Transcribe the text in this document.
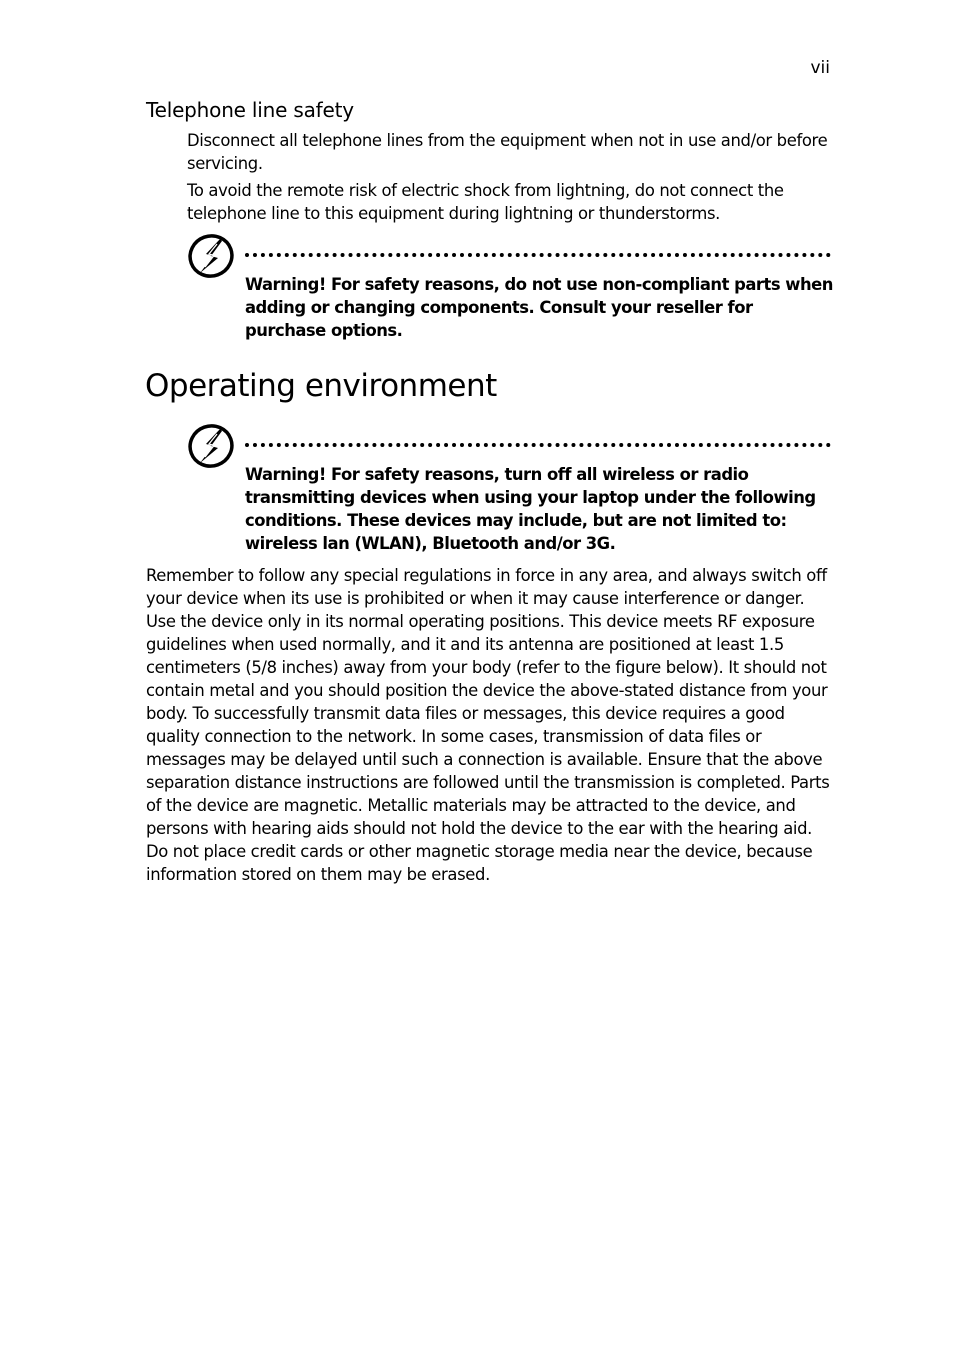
vii
Telephone line safety

Disconnect all telephone lines from the equipment when not in use and/or before servicing.

To avoid the remote risk of electric shock from lightning, do not connect the telephone line to this equipment during lightning or thunderstorms.

Warning! For safety reasons, do not use non-compliant parts when adding or changing components. Consult your reseller for purchase options.

Operating environment

Warning! For safety reasons, turn off all wireless or radio transmitting devices when using your laptop under the following conditions. These devices may include, but are not limited to: wireless lan (WLAN), Bluetooth and/or 3G.

Remember to follow any special regulations in force in any area, and always switch off your device when its use is prohibited or when it may cause interference or danger. Use the device only in its normal operating positions. This device meets RF exposure guidelines when used normally, and it and its antenna are positioned at least 1.5 centimeters (5/8 inches) away from your body (refer to the figure below). It should not contain metal and you should position the device the above-stated distance from your body. To successfully transmit data files or messages, this device requires a good quality connection to the network. In some cases, transmission of data files or messages may be delayed until such a connection is available. Ensure that the above separation distance instructions are followed until the transmission is completed. Parts of the device are magnetic. Metallic materials may be attracted to the device, and persons with hearing aids should not hold the device to the ear with the hearing aid. Do not place credit cards or other magnetic storage media near the device, because information stored on them may be erased.
